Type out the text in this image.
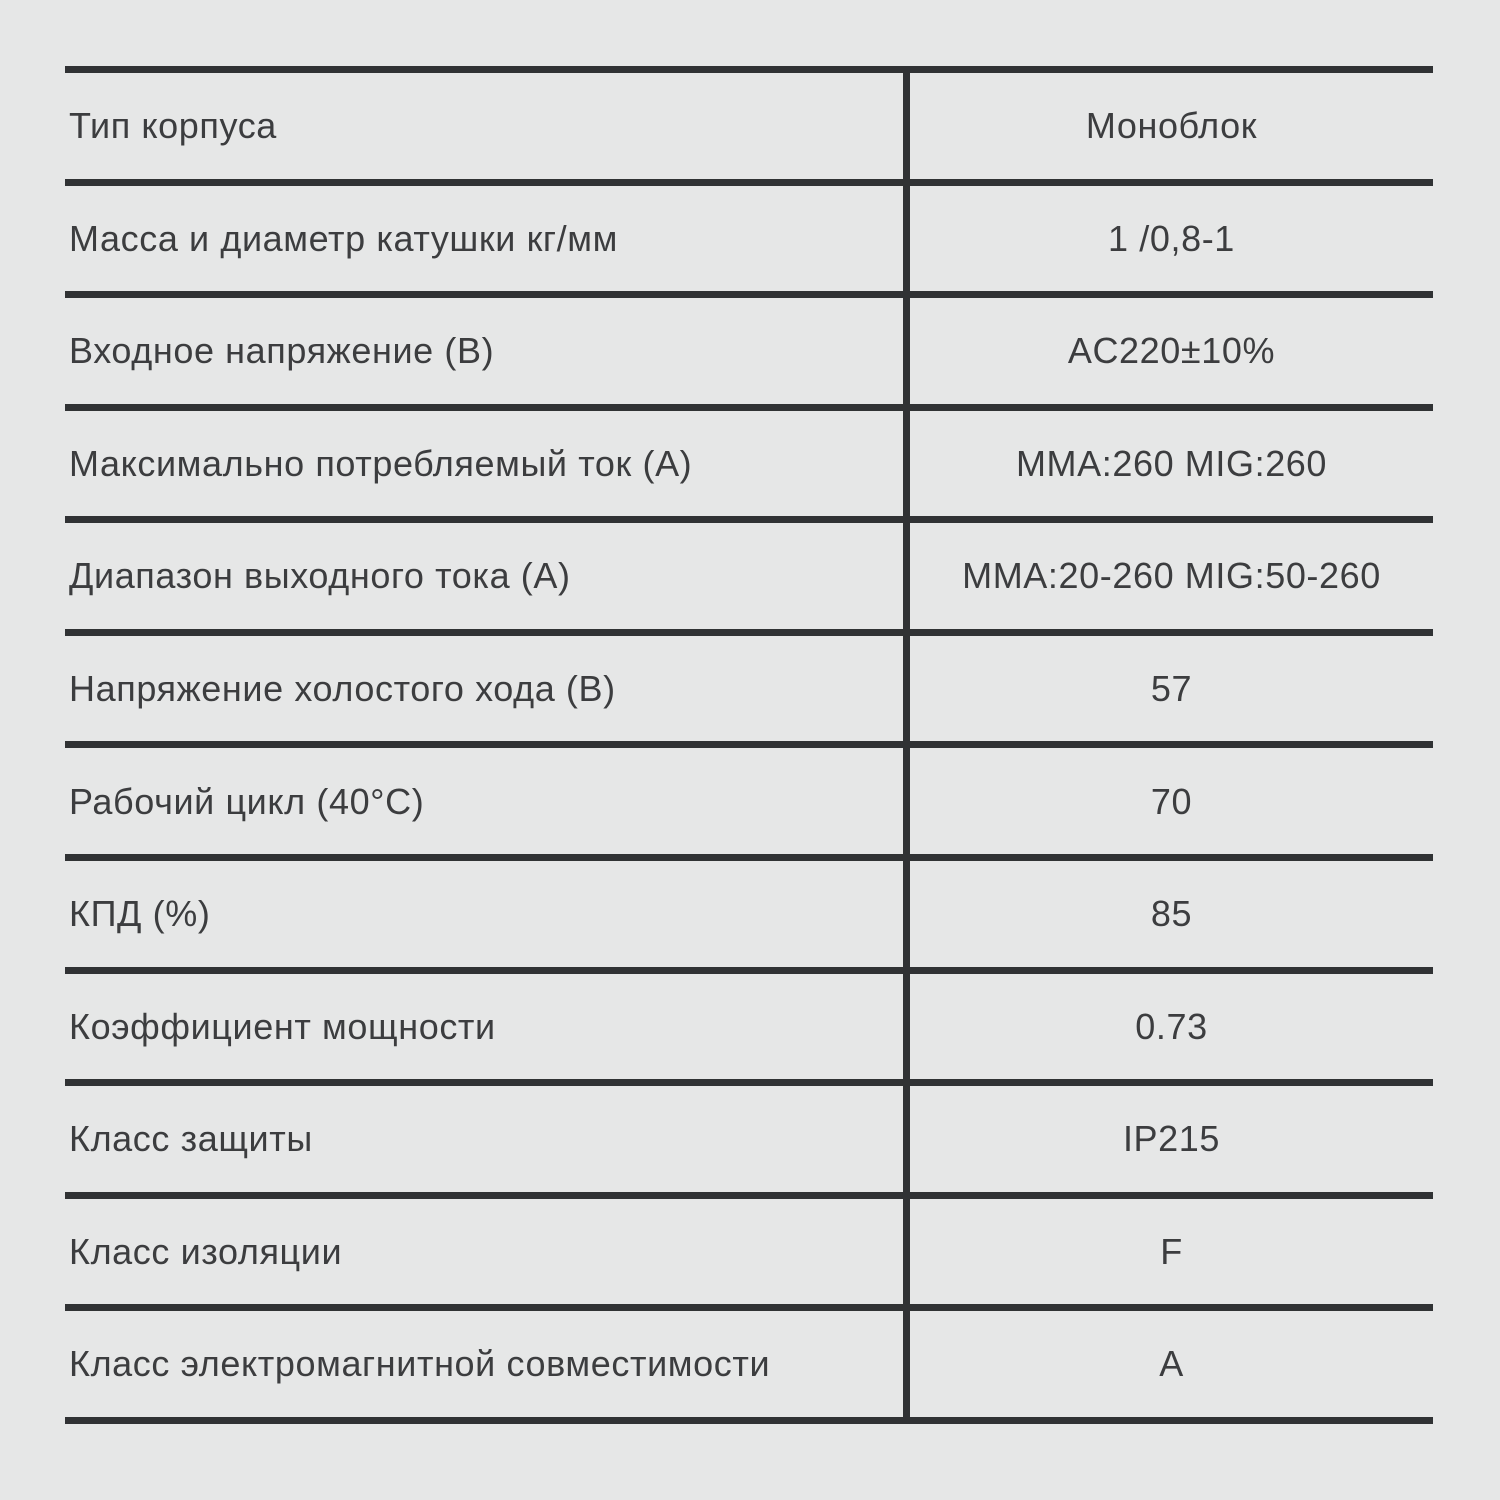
Тип корпуса	Моноблок
Масса и диаметр катушки кг/мм	1 /0,8-1
Входное напряжение (В)	AC220±10%
Максимально потребляемый ток (А)	MMA:260 MIG:260
Диапазон выходного тока (А)	MMA:20-260 MIG:50-260
Напряжение холостого хода (В)	57
Рабочий цикл (40°C)	70
КПД (%)	85
Коэффициент мощности	0.73
Класс защиты	IP215
Класс изоляции	F
Класс электромагнитной совместимости	A
